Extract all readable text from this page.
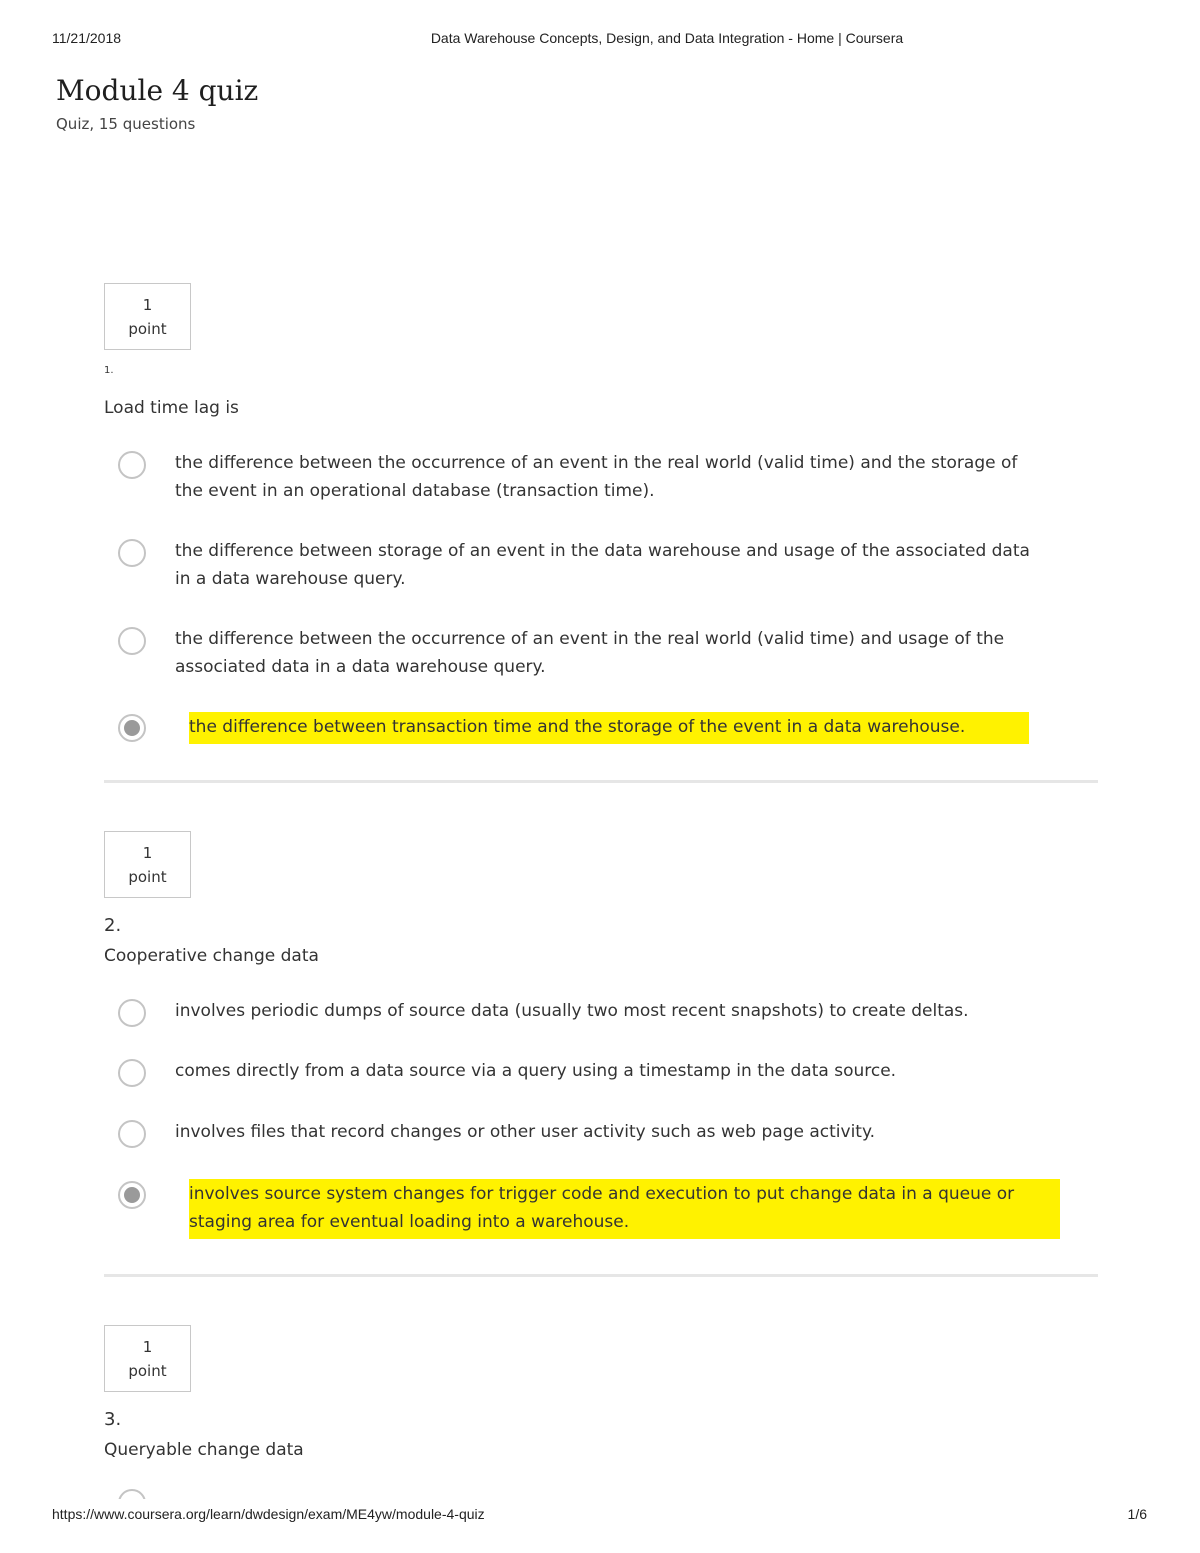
11/21/2018	Data Warehouse Concepts, Design, and Data Integration - Home | Coursera
Module 4 quiz
Quiz, 15 questions
1
point
1.
Load time lag is
the difference between the occurrence of an event in the real world (valid time) and the storage of
the event in an operational database (transaction time).
the difference between storage of an event in the data warehouse and usage of the associated data
in a data warehouse query.
the difference between the occurrence of an event in the real world (valid time) and usage of the
associated data in a data warehouse query.
the difference between transaction time and the storage of the event in a data warehouse.
1
point
2.
Cooperative change data
involves periodic dumps of source data (usually two most recent snapshots) to create deltas.
comes directly from a data source via a query using a timestamp in the data source.
involves files that record changes or other user activity such as web page activity.
involves source system changes for trigger code and execution to put change data in a queue or
staging area for eventual loading into a warehouse.
1
point
3.
Queryable change data
https://www.coursera.org/learn/dwdesign/exam/ME4yw/module-4-quiz	1/6
